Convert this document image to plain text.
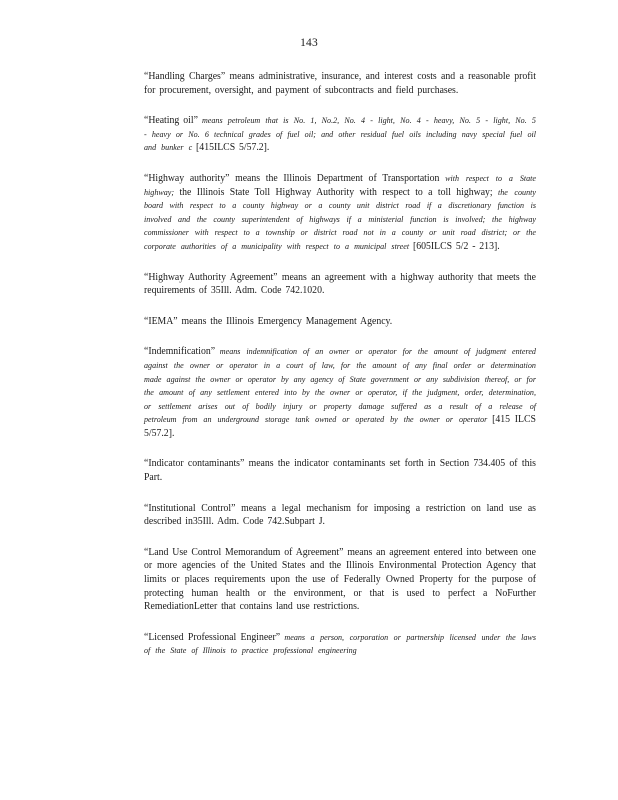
143

“Handling Charges” means administrative, insurance, and interest costs and a reasonable profit for procurement, oversight, and payment of subcontracts and field purchases.

“Heating oil” means petroleum that is No. 1, No.2, No. 4 - light, No. 4 - heavy, No. 5 - light, No. 5 - heavy or No. 6 technical grades of fuel oil; and other residual fuel oils including navy special fuel oil and bunker c [415ILCS 5/57.2].

“Highway authority” means the Illinois Department of Transportation with respect to a State highway; the Illinois State Toll Highway Authority with respect to a toll highway; the county board with respect to a county highway or a county unit district road if a discretionary function is involved and the county superintendent of highways if a ministerial function is involved; the highway commissioner with respect to a township or district road not in a county or unit road district; or the corporate authorities of a municipality with respect to a municipal street [605ILCS 5/2 - 213].

“Highway Authority Agreement” means an agreement with a highway authority that meets the requirements of 35Ill. Adm. Code 742.1020.

“IEMA” means the Illinois Emergency Management Agency.

“Indemnification” means indemnification of an owner or operator for the amount of judgment entered against the owner or operator in a court of law, for the amount of any final order or determination made against the owner or operator by any agency of State government or any subdivision thereof, or for the amount of any settlement entered into by the owner or operator, if the judgment, order, determination, or settlement arises out of bodily injury or property damage suffered as a result of a release of petroleum from an underground storage tank owned or operated by the owner or operator [415 ILCS 5/57.2].

“Indicator contaminants” means the indicator contaminants set forth in Section 734.405 of this Part.

“Institutional Control” means a legal mechanism for imposing a restriction on land use as described in35Ill. Adm. Code 742.Subpart J.

“Land Use Control Memorandum of Agreement” means an agreement entered into between one or more agencies of the United States and the Illinois Environmental Protection Agency that limits or places requirements upon the use of Federally Owned Property for the purpose of protecting human health or the environment, or that is used to perfect a NoFurther RemediationLetter that contains land use restrictions.

“Licensed Professional Engineer” means a person, corporation or partnership licensed under the laws of the State of Illinois to practice professional engineering
